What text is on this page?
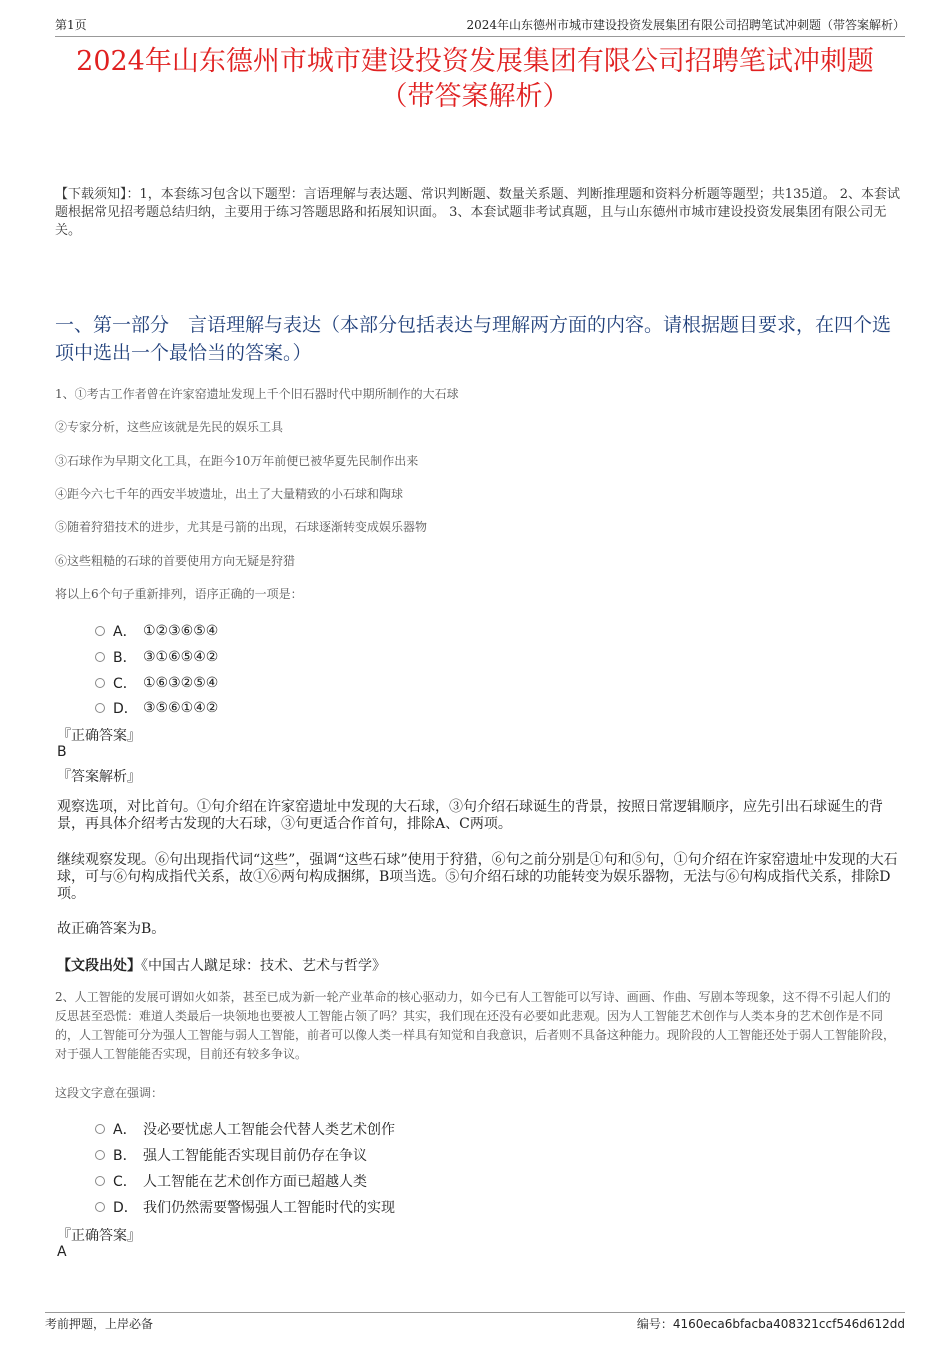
第1页	2024年山东德州市城市建设投资发展集团有限公司招聘笔试冲刺题（带答案解析）
2024年山东德州市城市建设投资发展集团有限公司招聘笔试冲刺题（带答案解析）
【下载须知】：1，本套练习包含以下题型：言语理解与表达题、常识判断题、数量关系题、判断推理题和资料分析题等题型；共135道。 2、本套试题根据常见招考题总结归纳，主要用于练习答题思路和拓展知识面。 3、本套试题非考试真题，且与山东德州市城市建设投资发展集团有限公司无关。
一、第一部分　言语理解与表达（本部分包括表达与理解两方面的内容。请根据题目要求，在四个选项中选出一个最恰当的答案。）
1、①考古工作者曾在许家窑遗址发现上千个旧石器时代中期所制作的大石球
②专家分析，这些应该就是先民的娱乐工具
③石球作为早期文化工具，在距今10万年前便已被华夏先民制作出来
④距今六七千年的西安半坡遗址，出土了大量精致的小石球和陶球
⑤随着狩猎技术的进步，尤其是弓箭的出现，石球逐渐转变成娱乐器物
⑥这些粗糙的石球的首要使用方向无疑是狩猎
将以上6个句子重新排列，语序正确的一项是：
A． ①②③⑥⑤④
B． ③①⑥⑤④②
C． ①⑥③②⑤④
D． ③⑤⑥①④②
『正确答案』
B
『答案解析』
观察选项，对比首句。①句介绍在许家窑遗址中发现的大石球，③句介绍石球诞生的背景，按照日常逻辑顺序，应先引出石球诞生的背景，再具体介绍考古发现的大石球，③句更适合作首句，排除A、C两项。
继续观察发现。⑥句出现指代词“这些”，强调“这些石球”使用于狩猎，⑥句之前分别是①句和⑤句，①句介绍在许家窑遗址中发现的大石球，可与⑥句构成指代关系，故①⑥两句构成捆绑，B项当选。⑤句介绍石球的功能转变为娱乐器物，无法与⑥句构成指代关系，排除D项。
故正确答案为B。
【文段出处】《中国古人蹴足球：技术、艺术与哲学》
2、人工智能的发展可谓如火如荼，甚至已成为新一轮产业革命的核心驱动力，如今已有人工智能可以写诗、画画、作曲、写剧本等现象，这不得不引起人们的反思甚至恐慌：难道人类最后一块领地也要被人工智能占领了吗？其实，我们现在还没有必要如此悲观。因为人工智能艺术创作与人类本身的艺术创作是不同的，人工智能可分为强人工智能与弱人工智能，前者可以像人类一样具有知觉和自我意识，后者则不具备这种能力。现阶段的人工智能还处于弱人工智能阶段，对于强人工智能能否实现，目前还有较多争议。
这段文字意在强调：
A． 没必要忧虑人工智能会代替人类艺术创作
B． 强人工智能能否实现目前仍存在争议
C． 人工智能在艺术创作方面已超越人类
D． 我们仍然需要警惕强人工智能时代的实现
『正确答案』
A
考前押题，上岸必备	编号：4160eca6bfacba408321ccf546d612dd
